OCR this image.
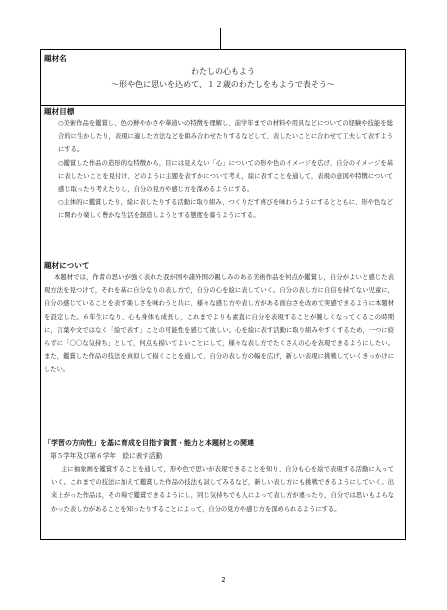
題材名
わたしの心もよう
～形や色に思いを込めて、１２歳のわたしをもようで表そう～
題材目標

○美術作品を鑑賞し、色の鮮やかさや華道いの特徴を理解し、前学年までの材料や用具などについての経験や技能を総合的に生かしたり，表現に適した方法などを組み合わせたりするなどして、表したいことに合わせて工夫して表すようにする。

○鑑賞した作品の造形的な特徴から，目には見えない「心」についての形や色のイメージを広げ、自分のイメージを基に表したいことを見付け、どのように主題を表すかについて考え，絵に表すことを通して，表現の意図や特徴について感じ取ったり考えたりし，自分の見方や感じ方を深めるようにする。

○主体的に鑑賞したり，絵に表したりする活動に取り組み、つくりだす喜びを味わうようにするとともに、形や色などに関わり楽しく豊かな生活を創造しようとする態度を養うようにする。

題材について

本題材では，作者の思いが強く表れた我が国や諸外国の親しみのある美術作品を何点か鑑賞し，自分がよいと感じた表現方法を見つけて，それを基に自分なりの表し方で，自分の心を絵に表していく。自分の表し方に自信を持てない児童に，自分の感じていることを表す楽しさを味わうと共に、様々な感じ方や表し方がある面白さを改めて実感できるように本題材を設定した。６年生になり、心も身体も成長し，これまでよりも素直に自分を表現することが難しくなってくるこの時期に，言葉や文ではなく「絵で表す」ことの可能性を感じて欲しい。心を絵に表す活動に取り組みやすくするため，一つに絞らずに「〇〇な気持ち」として，何点も描いてよいことにして，様々な表し方でたくさんの心を表現できるようにしたい。また，鑑賞した作品の技法を真似して描くことを通して、自分の表し方の幅を広げ，新しい表現に挑戦していくきっかけにしたい。

「学習の方向性」を基に育成を目指す資質・能力と本題材との関連
第５学年及び第６学年　絵に表す活動

主に抽象画を鑑賞することを通して，形や色で思いが表現できることを知り、自分も心を絵で表現する活動に入っていく。これまでの技法に加えて鑑賞した作品の技法も試してみるなど，新しい表し方にも挑戦できるようにしていく。出来上がった作品は，その場で鑑賞できるようにし，同じ気持ちでも人によって表し方が違ったり，自分では思いもよらなかった表し方があることを知ったりすることによって，自分の見方や感じ方を深められるようにする。

2
